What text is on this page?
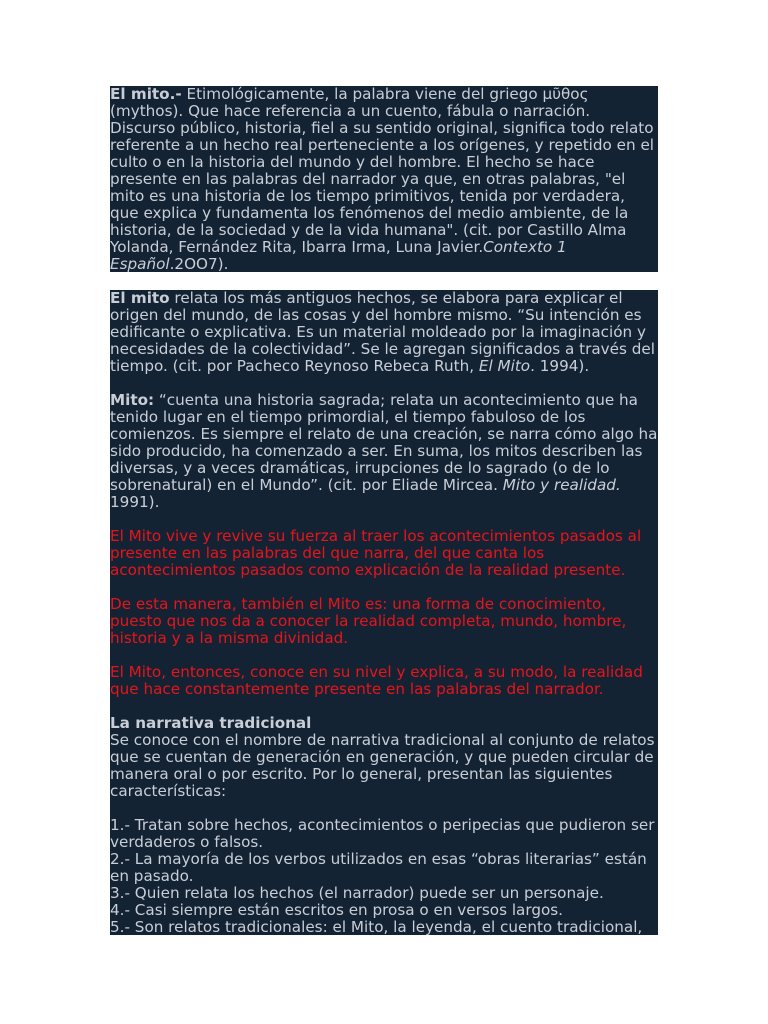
El mito.- Etimológicamente, la palabra viene del griego μῦθος (mythos). Que hace referencia a un cuento, fábula o narración. Discurso público, historia, fiel a su sentido original, significa todo relato referente a un hecho real perteneciente a los orígenes, y repetido en el culto o en la historia del mundo y del hombre. El hecho se hace presente en las palabras del narrador ya que, en otras palabras, "el mito es una historia de los tiempo primitivos, tenida por verdadera, que explica y fundamenta los fenómenos del medio ambiente, de la historia, de la sociedad y de la vida humana". (cit. por Castillo Alma Yolanda, Fernández Rita, Ibarra Irma, Luna Javier.Contexto 1 Español.2OO7).

El mito relata los más antiguos hechos, se elabora para explicar el origen del mundo, de las cosas y del hombre mismo. “Su intención es edificante o explicativa. Es un material moldeado por la imaginación y necesidades de la colectividad”. Se le agregan significados a través del tiempo. (cit. por Pacheco Reynoso Rebeca Ruth, El Mito. 1994).

Mito: “cuenta una historia sagrada; relata un acontecimiento que ha tenido lugar en el tiempo primordial, el tiempo fabuloso de los comienzos. Es siempre el relato de una creación, se narra cómo algo ha sido producido, ha comenzado a ser. En suma, los mitos describen las diversas, y a veces dramáticas, irrupciones de lo sagrado (o de lo sobrenatural) en el Mundo”. (cit. por Eliade Mircea. Mito y realidad. 1991).

El Mito vive y revive su fuerza al traer los acontecimientos pasados al presente en las palabras del que narra, del que canta los acontecimientos pasados como explicación de la realidad presente.

De esta manera, también el Mito es: una forma de conocimiento, puesto que nos da a conocer la realidad completa, mundo, hombre, historia y a la misma divinidad.

El Mito, entonces, conoce en su nivel y explica, a su modo, la realidad que hace constantemente presente en las palabras del narrador.

La narrativa tradicional

Se conoce con el nombre de narrativa tradicional al conjunto de relatos que se cuentan de generación en generación, y que pueden circular de manera oral o por escrito. Por lo general, presentan las siguientes características:

1.- Tratan sobre hechos, acontecimientos o peripecias que pudieron ser verdaderos o falsos.

2.- La mayoría de los verbos utilizados en esas “obras literarias” están en pasado.

3.- Quien relata los hechos (el narrador) puede ser un personaje.

4.- Casi siempre están escritos en prosa o en versos largos.

5.- Son relatos tradicionales: el Mito, la leyenda, el cuento tradicional,
